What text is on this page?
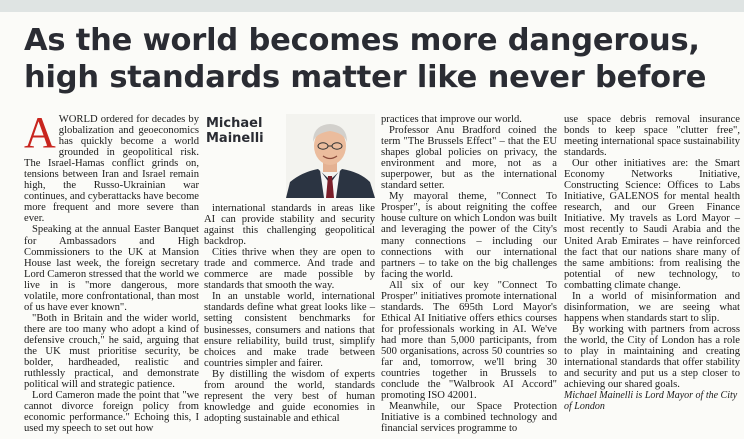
As the world becomes more dangerous,
high standards matter like never before

AWORLD ordered for decades by globalization and geoeconomics has quickly become a world grounded in geopolitical risk. The Israel-Hamas conflict grinds on, tensions between Iran and Israel remain high, the Russo-Ukrainian war continues, and cyberattacks have become more frequent and more severe than ever.

Speaking at the annual Easter Banquet for Ambassadors and High Commissioners to the UK at Mansion House last week, the foreign secretary Lord Cameron stressed that the world we live in is "more dangerous, more volatile, more confrontational, than most of us have ever known".

"Both in Britain and the wider world, there are too many who adopt a kind of defensive crouch," he said, arguing that the UK must prioritise security, be bolder, hardheaded, realistic and ruthlessly practical, and demonstrate political will and strategic patience.

Lord Cameron made the point that "we cannot divorce foreign policy from economic performance." Echoing this, I used my speech to set out how

Michael
Mainelli

international standards in areas like AI can provide stability and security against this challenging geopolitical backdrop.

Cities thrive when they are open to trade and commerce. And trade and commerce are made possible by standards that smooth the way.

In an unstable world, international standards define what great looks like – setting consistent benchmarks for businesses, consumers and nations that ensure reliability, build trust, simplify choices and make trade between countries simpler and fairer.

By distilling the wisdom of experts from around the world, standards represent the very best of human knowledge and guide economies in adopting sustainable and ethical

practices that improve our world.

Professor Anu Bradford coined the term "The Brussels Effect" – that the EU shapes global policies on privacy, the environment and more, not as a superpower, but as the international standard setter.

My mayoral theme, "Connect To Prosper", is about reigniting the coffee house culture on which London was built and leveraging the power of the City's many connections – including our connections with our international partners – to take on the big challenges facing the world.

All six of our key "Connect To Prosper" initiatives promote international standards. The 695th Lord Mayor's Ethical AI Initiative offers ethics courses for professionals working in AI. We've had more than 5,000 participants, from 500 organisations, across 50 countries so far and, tomorrow, we'll bring 30 countries together in Brussels to conclude the "Walbrook AI Accord" promoting ISO 42001.

Meanwhile, our Space Protection Initiative is a combined technology and financial services programme to

use space debris removal insurance bonds to keep space "clutter free", meeting international space sustainability standards.

Our other initiatives are: the Smart Economy Networks Initiative, Constructing Science: Offices to Labs Initiative, GALENOS for mental health research, and our Green Finance Initiative. My travels as Lord Mayor – most recently to Saudi Arabia and the United Arab Emirates – have reinforced the fact that our nations share many of the same ambitions: from realising the potential of new technology, to combatting climate change.

In a world of misinformation and disinformation, we are seeing what happens when standards start to slip.

By working with partners from across the world, the City of London has a role to play in maintaining and creating international standards that offer stability and security and put us a step closer to achieving our shared goals.

Michael Mainelli is Lord Mayor of the City of London
